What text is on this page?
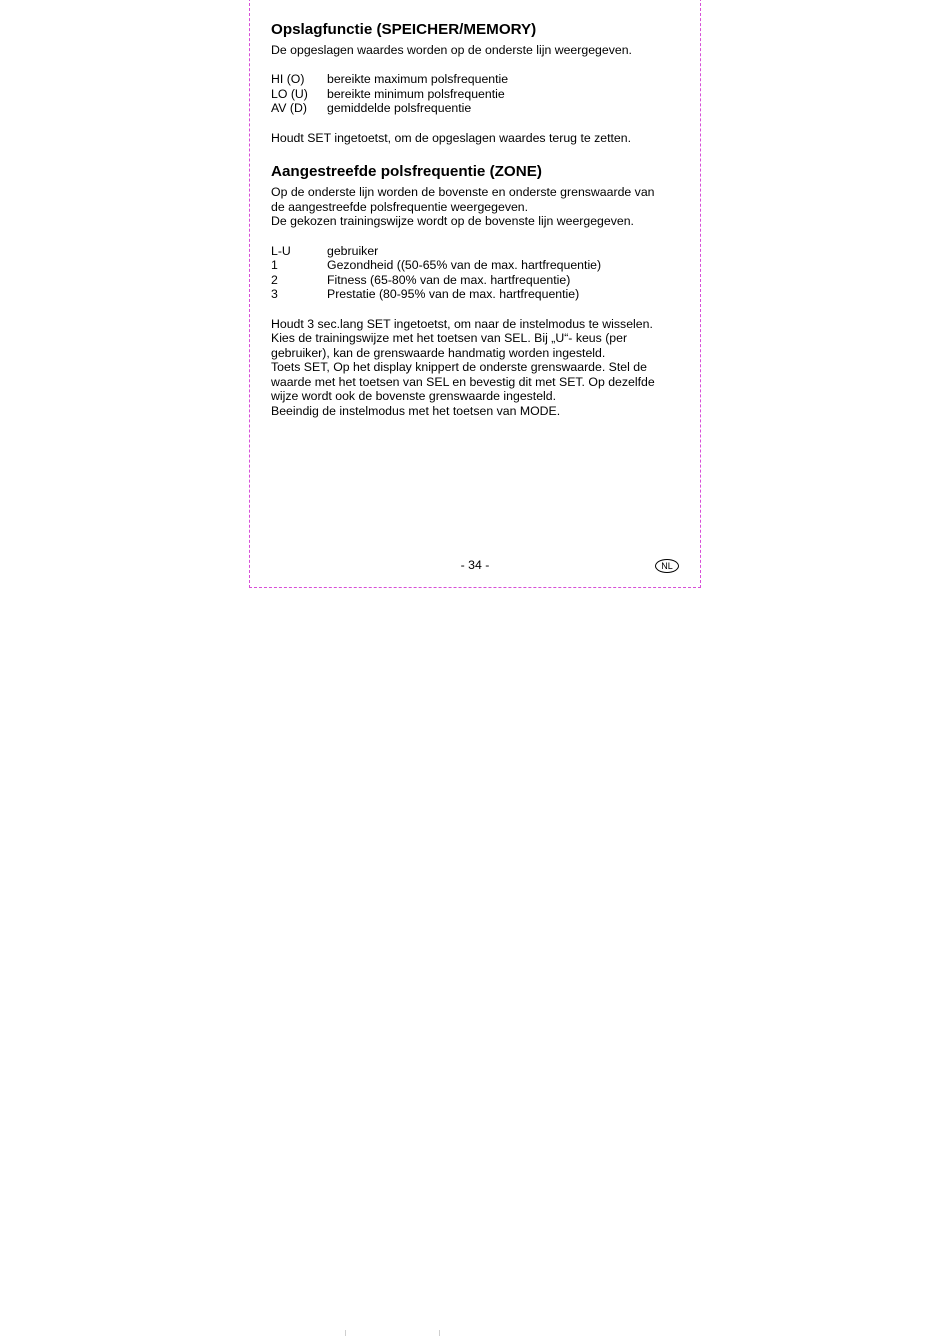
Opslagfunctie (SPEICHER/MEMORY)

De opgeslagen waardes worden op de onderste lijn weergegeven.

HI (O)	bereikte maximum polsfrequentie
LO (U)	bereikte minimum polsfrequentie
AV (D)	gemiddelde polsfrequentie

Houdt SET ingetoetst, om de opgeslagen waardes terug te zetten.

Aangestreefde polsfrequentie (ZONE)

Op de onderste lijn worden de bovenste en onderste grenswaarde van

de aangestreefde polsfrequentie weergegeven.

De gekozen trainingswijze wordt op de bovenste lijn weergegeven.

L-U	gebruiker
1	Gezondheid ((50-65% van de max. hartfrequentie)
2	Fitness (65-80% van de max. hartfrequentie)
3	Prestatie (80-95% van de max. hartfrequentie)

Houdt 3 sec.lang SET ingetoetst, om naar de instelmodus te wisselen.

Kies de trainingswijze met het toetsen van SEL. Bij „U“- keus (per

gebruiker), kan de grenswaarde handmatig worden ingesteld.

Toets SET, Op het display knippert de onderste grenswaarde. Stel de

waarde met het toetsen van SEL en bevestig dit met SET. Op dezelfde

wijze wordt ook de bovenste grenswaarde ingesteld.

Beeindig de instelmodus met het toetsen van MODE.

- 34 -	NL
